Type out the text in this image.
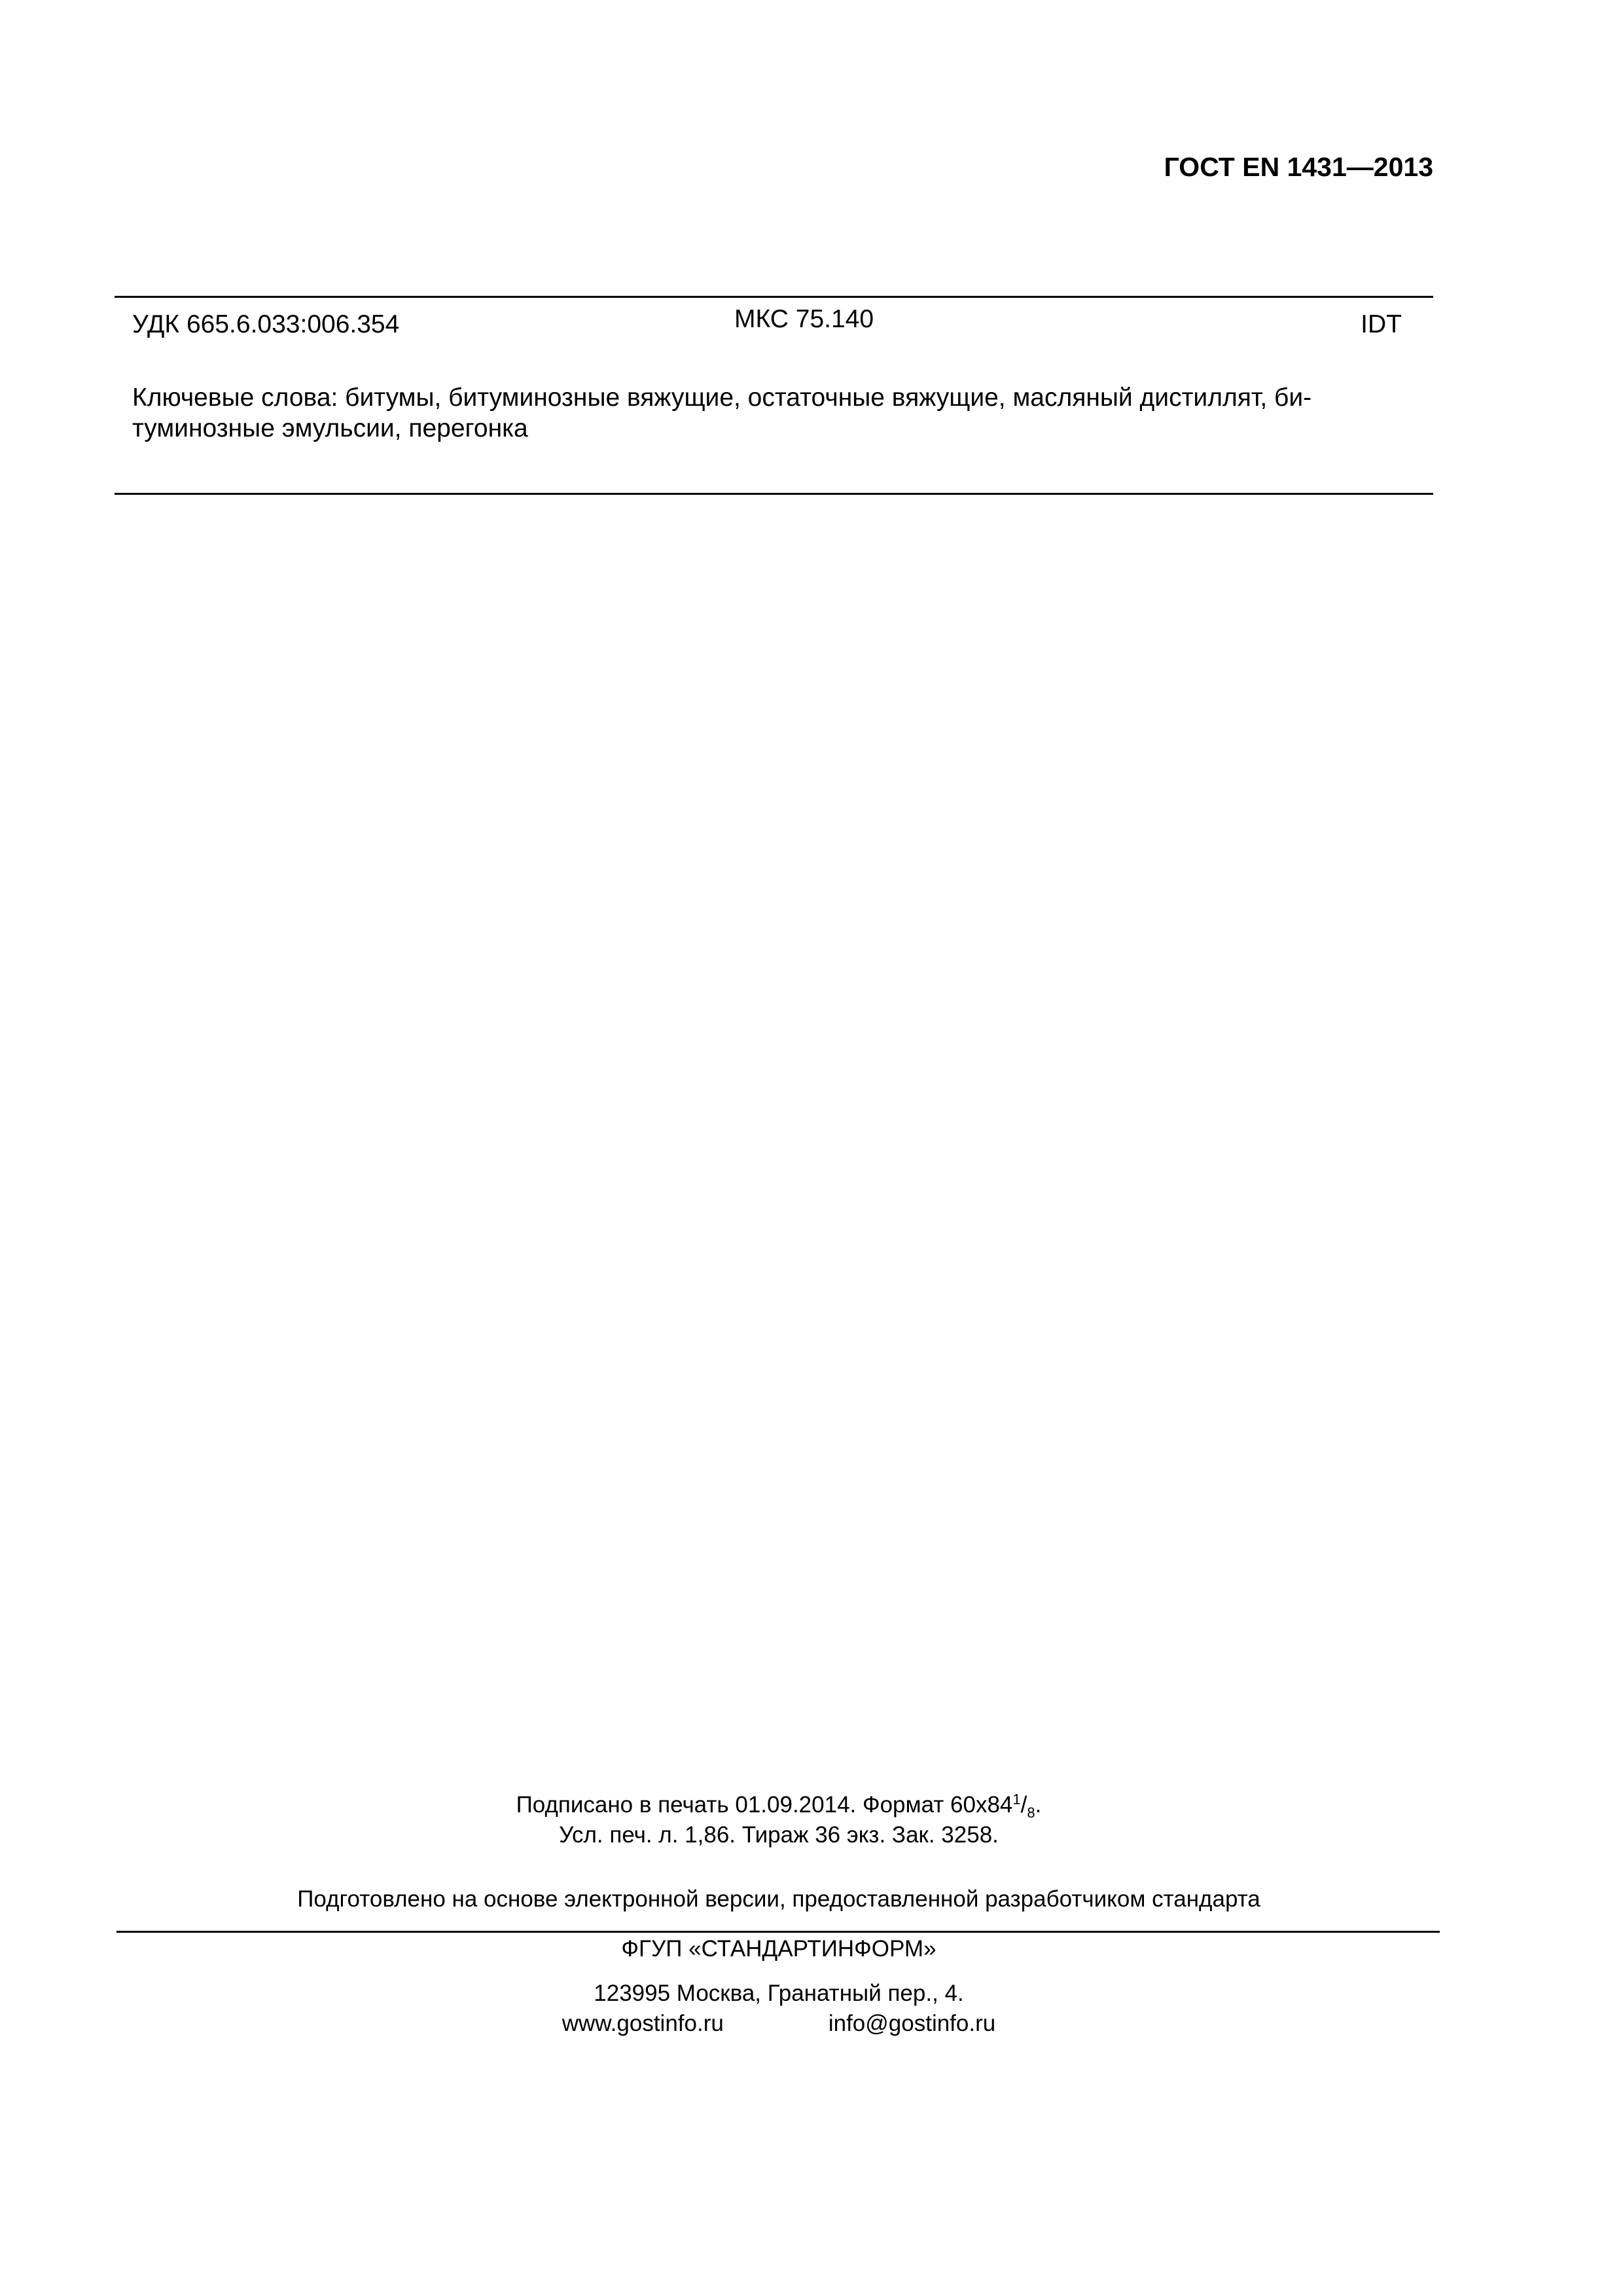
ГОСТ EN 1431—2013
УДК 665.6.033:006.354	МКС 75.140	IDT
Ключевые слова: битумы, битуминозные вяжущие, остаточные вяжущие, масляный дистиллят, би-
туминозные эмульсии, перегонка
Подписано в печать 01.09.2014. Формат $60х84^1/_8$.
Усл. печ. л. 1,86. Тираж 36 экз. Зак. 3258.
Подготовлено на основе электронной версии, предоставленной разработчиком стандарта
ФГУП «СТАНДАРТИНФОРМ»
123995 Москва, Гранатный пер., 4.
www.gostinfo.ru	info@gostinfo.ru
